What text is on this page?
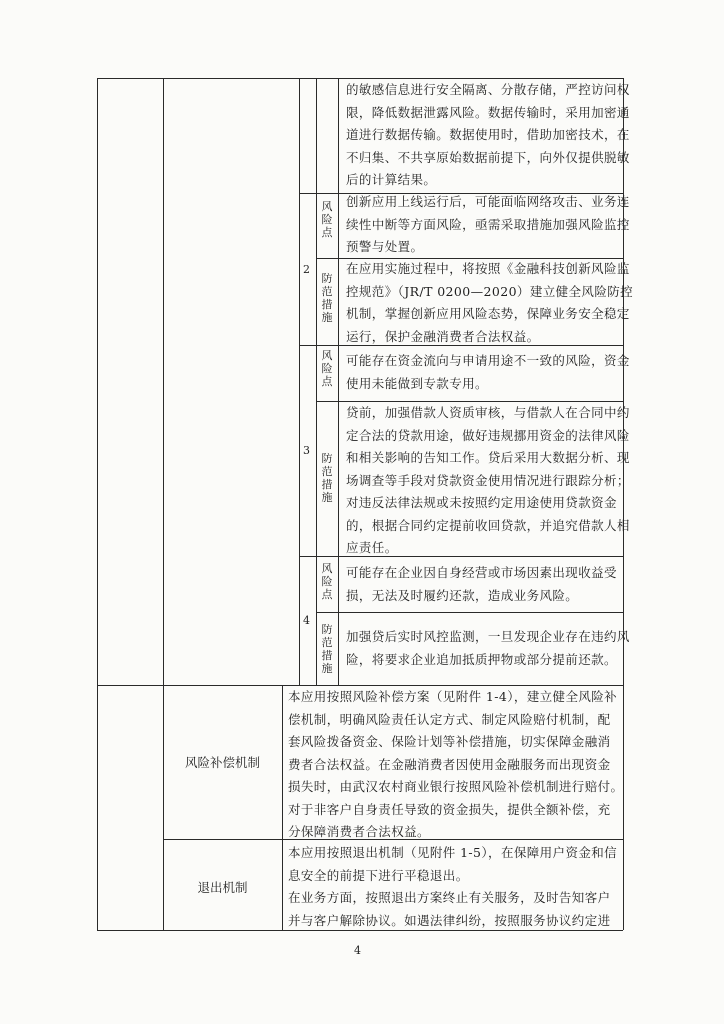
的敏感信息进行安全隔离、分散存储，严控访问权
限，降低数据泄露风险。数据传输时，采用加密通
道进行数据传输。数据使用时，借助加密技术，在
不归集、不共享原始数据前提下，向外仅提供脱敏
后的计算结果。
2
风险点
创新应用上线运行后，可能面临网络攻击、业务连
续性中断等方面风险，亟需采取措施加强风险监控
预警与处置。
防范措施
在应用实施过程中，将按照《金融科技创新风险监
控规范》（JR/T 0200—2020）建立健全风险防控
机制，掌握创新应用风险态势，保障业务安全稳定
运行，保护金融消费者合法权益。
3
风险点
可能存在资金流向与申请用途不一致的风险，资金
使用未能做到专款专用。
防范措施
贷前，加强借款人资质审核，与借款人在合同中约
定合法的贷款用途，做好违规挪用资金的法律风险
和相关影响的告知工作。贷后采用大数据分析、现
场调查等手段对贷款资金使用情况进行跟踪分析；
对违反法律法规或未按照约定用途使用贷款资金
的，根据合同约定提前收回贷款，并追究借款人相
应责任。
4
风险点
可能存在企业因自身经营或市场因素出现收益受
损，无法及时履约还款，造成业务风险。
防范措施
加强贷后实时风控监测，一旦发现企业存在违约风
险，将要求企业追加抵质押物或部分提前还款。
风险补偿机制
本应用按照风险补偿方案（见附件 1-4），建立健全风险补
偿机制，明确风险责任认定方式、制定风险赔付机制，配
套风险拨备资金、保险计划等补偿措施，切实保障金融消
费者合法权益。在金融消费者因使用金融服务而出现资金
损失时，由武汉农村商业银行按照风险补偿机制进行赔付。
对于非客户自身责任导致的资金损失，提供全额补偿，充
分保障消费者合法权益。
退出机制
本应用按照退出机制（见附件 1-5），在保障用户资金和信
息安全的前提下进行平稳退出。
在业务方面，按照退出方案终止有关服务，及时告知客户
并与客户解除协议。如遇法律纠纷，按照服务协议约定进
4
